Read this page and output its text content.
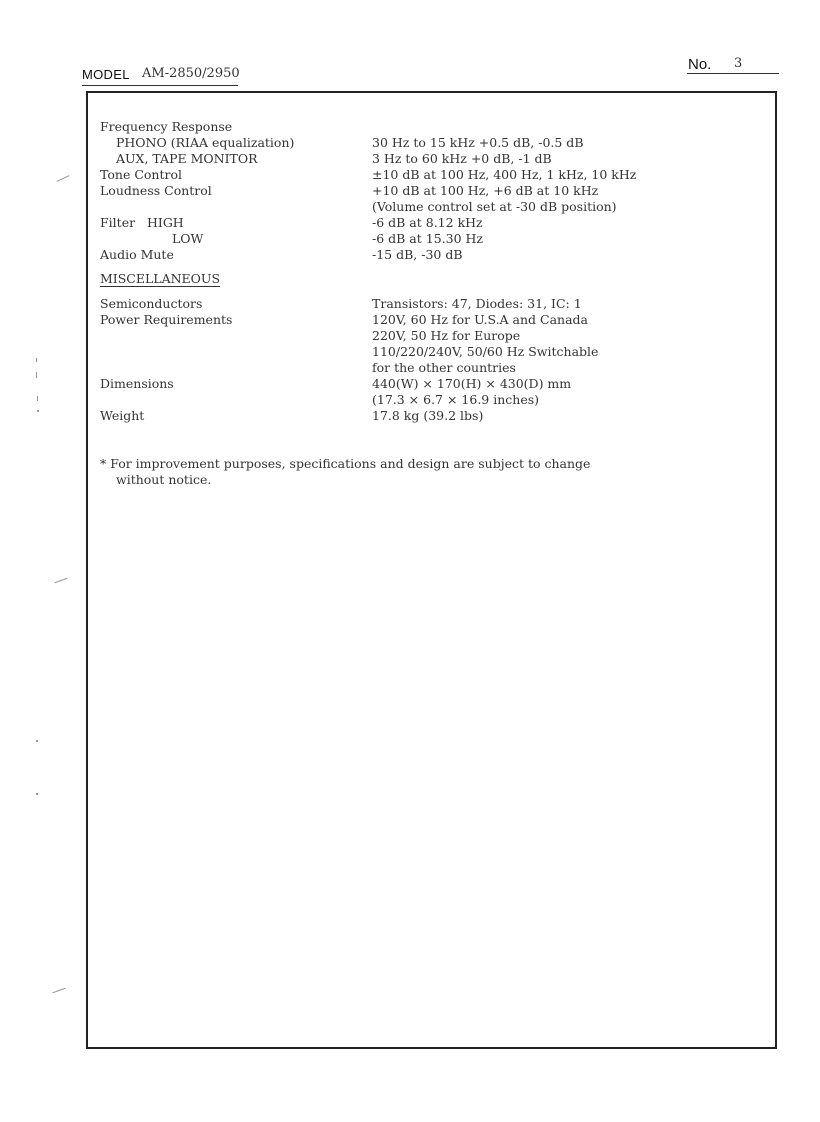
MODEL AM-2850/2950
No. 3
Frequency Response
PHONO (RIAA equalization)
AUX, TAPE MONITOR
Tone Control
Loudness Control
Filter   HIGH
LOW
Audio Mute
MISCELLANEOUS
Semiconductors
Power Requirements
Dimensions
Weight
30 Hz to 15 kHz +0.5 dB, -0.5 dB
3 Hz to 60 kHz +0 dB, -1 dB
±10 dB at 100 Hz, 400 Hz, 1 kHz, 10 kHz
+10 dB at 100 Hz, +6 dB at 10 kHz
(Volume control set at -30 dB position)
-6 dB at 8.12 kHz
-6 dB at 15.30 Hz
-15 dB, -30 dB
Transistors: 47, Diodes: 31, IC: 1
120V, 60 Hz for U.S.A and Canada
220V, 50 Hz for Europe
110/220/240V, 50/60 Hz Switchable
for the other countries
440(W) × 170(H) × 430(D) mm
(17.3 × 6.7 × 16.9 inches)
17.8 kg (39.2 lbs)
* For improvement purposes, specifications and design are subject to change
without notice.
